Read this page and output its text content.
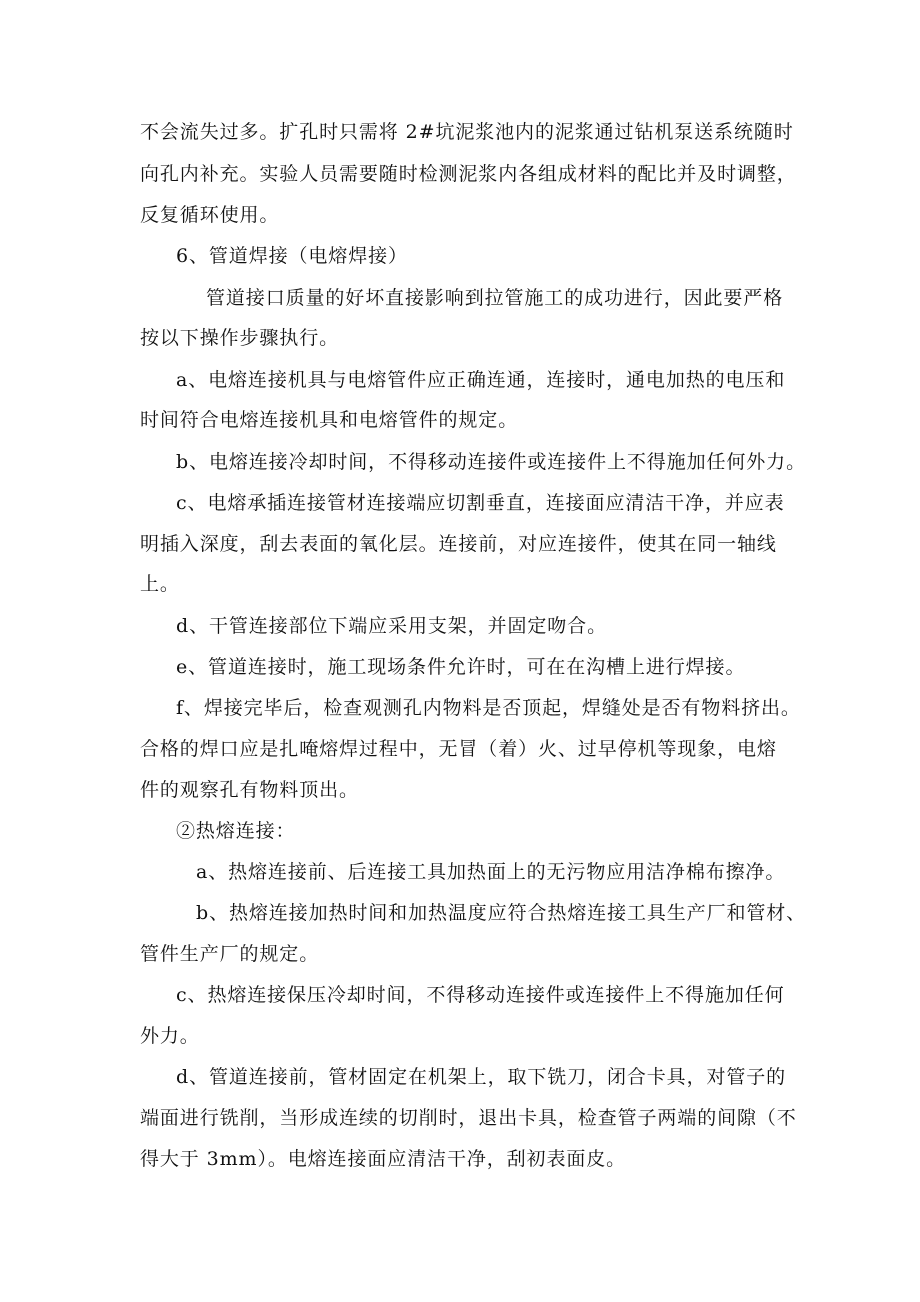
不会流失过多。扩孔时只需将 2#坑泥浆池内的泥浆通过钻机泵送系统随时
向孔内补充。实验人员需要随时检测泥浆内各组成材料的配比并及时调整，
反复循环使用。
6、管道焊接（电熔焊接）
管道接口质量的好坏直接影响到拉管施工的成功进行，因此要严格
按以下操作步骤执行。
a、电熔连接机具与电熔管件应正确连通，连接时，通电加热的电压和
时间符合电熔连接机具和电熔管件的规定。
b、电熔连接冷却时间，不得移动连接件或连接件上不得施加任何外力。
c、电熔承插连接管材连接端应切割垂直，连接面应清洁干净，并应表
明插入深度，刮去表面的氧化层。连接前，对应连接件，使其在同一轴线
上。
d、干管连接部位下端应采用支架，并固定吻合。
e、管道连接时，施工现场条件允许时，可在在沟槽上进行焊接。
f、焊接完毕后，检查观测孔内物料是否顶起，焊缝处是否有物料挤出。
合格的焊口应是扎唵熔焊过程中，无冒（着）火、过早停机等现象，电熔
件的观察孔有物料顶出。
②热熔连接：
a、热熔连接前、后连接工具加热面上的无污物应用洁净棉布擦净。
b、热熔连接加热时间和加热温度应符合热熔连接工具生产厂和管材、
管件生产厂的规定。
c、热熔连接保压冷却时间，不得移动连接件或连接件上不得施加任何
外力。
d、管道连接前，管材固定在机架上，取下铣刀，闭合卡具，对管子的
端面进行铣削，当形成连续的切削时，退出卡具，检查管子两端的间隙（不
得大于 3mm）。电熔连接面应清洁干净，刮初表面皮。
